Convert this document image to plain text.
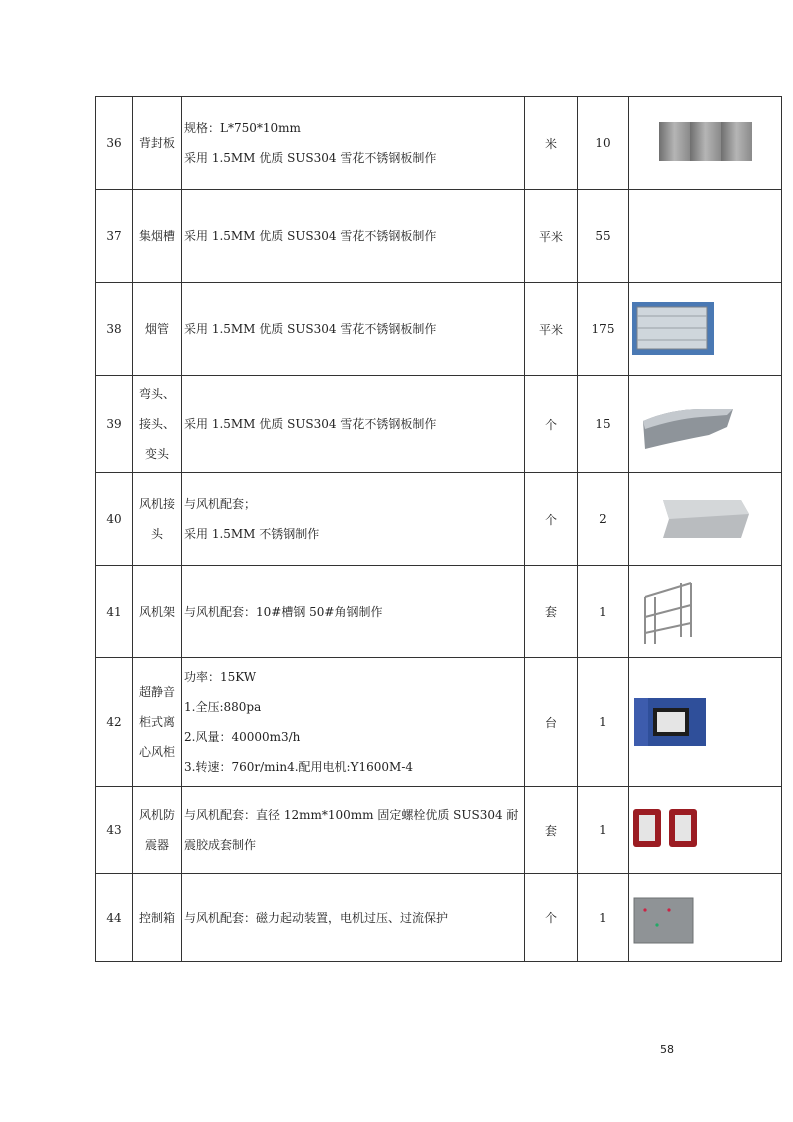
36	背封板	规格：L*750*10mm
采用 1.5MM 优质 SUS304 雪花不锈钢板制作	米	10	

37	集烟槽	采用 1.5MM 优质 SUS304 雪花不锈钢板制作	平米	55	
38	烟管	采用 1.5MM 优质 SUS304 雪花不锈钢板制作	平米	175	

39	弯头、
接头、
变头	采用 1.5MM 优质 SUS304 雪花不锈钢板制作	个	15	

40	风机接
头	与风机配套；
采用 1.5MM 不锈钢制作	个	2	

41	风机架	与风机配套：10#槽钢 50#角钢制作	套	1	

42	超静音
柜式离
心风柜	功率：15KW
1.全压:880pa
2.风量：40000m3/h
3.转速：760r/min4.配用电机:Y1600M-4	台	1	

43	风机防
震器	与风机配套：直径 12mm*100mm 固定螺栓优质 SUS304 耐
震胶成套制作	套	1	

44	控制箱	与风机配套：磁力起动装置，电机过压、过流保护	个	1	
58
